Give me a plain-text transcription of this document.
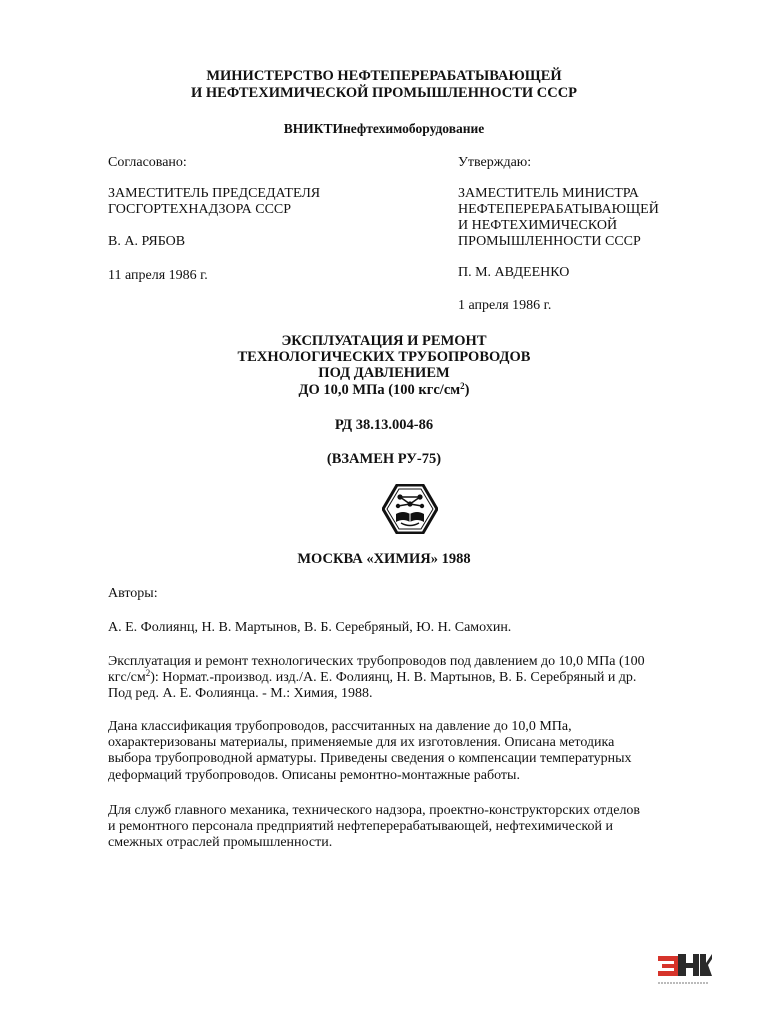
МИНИСТЕРСТВО НЕФТЕПЕРЕРАБАТЫВАЮЩЕЙ
И НЕФТЕХИМИЧЕСКОЙ ПРОМЫШЛЕННОСТИ СССР
ВНИКТИнефтехимоборудование
Согласовано:
ЗАМЕСТИТЕЛЬ ПРЕДСЕДАТЕЛЯ
ГОСГОРТЕХНАДЗОРА СССР
В. А. РЯБОВ
11 апреля 1986 г.
Утверждаю:
ЗАМЕСТИТЕЛЬ МИНИСТРА
НЕФТЕПЕРЕРАБАТЫВАЮЩЕЙ
И НЕФТЕХИМИЧЕСКОЙ
ПРОМЫШЛЕННОСТИ СССР
П. М. АВДЕЕНКО
1 апреля 1986 г.
ЭКСПЛУАТАЦИЯ И РЕМОНТ
ТЕХНОЛОГИЧЕСКИХ ТРУБОПРОВОДОВ
ПОД ДАВЛЕНИЕМ
ДО 10,0 МПа (100 кгс/$см^2$)
РД 38.13.004-86
(ВЗАМЕН РУ-75)
МОСКВА «ХИМИЯ» 1988
Авторы:
А. Е. Фолиянц, Н. В. Мартынов, В. Б. Серебряный, Ю. Н. Самохин.
Эксплуатация и ремонт технологических трубопроводов под давлением до 10,0 МПа (100
кгс/$см^2$): Нормат.-производ. изд./А. Е. Фолиянц, Н. В. Мартынов, В. Б. Серебряный и др.
Под ред. А. Е. Фолиянца. - М.: Химия, 1988.
Дана классификация трубопроводов, рассчитанных на давление до 10,0 МПа,
охарактеризованы материалы, применяемые для их изготовления. Описана методика
выбора трубопроводной арматуры. Приведены сведения о компенсации температурных
деформаций трубопроводов. Описаны ремонтно-монтажные работы.
Для служб главного механика, технического надзора, проектно-конструкторских отделов
и ремонтного персонала предприятий нефтеперерабатывающей, нефтехимической и
смежных отраслей промышленности.
